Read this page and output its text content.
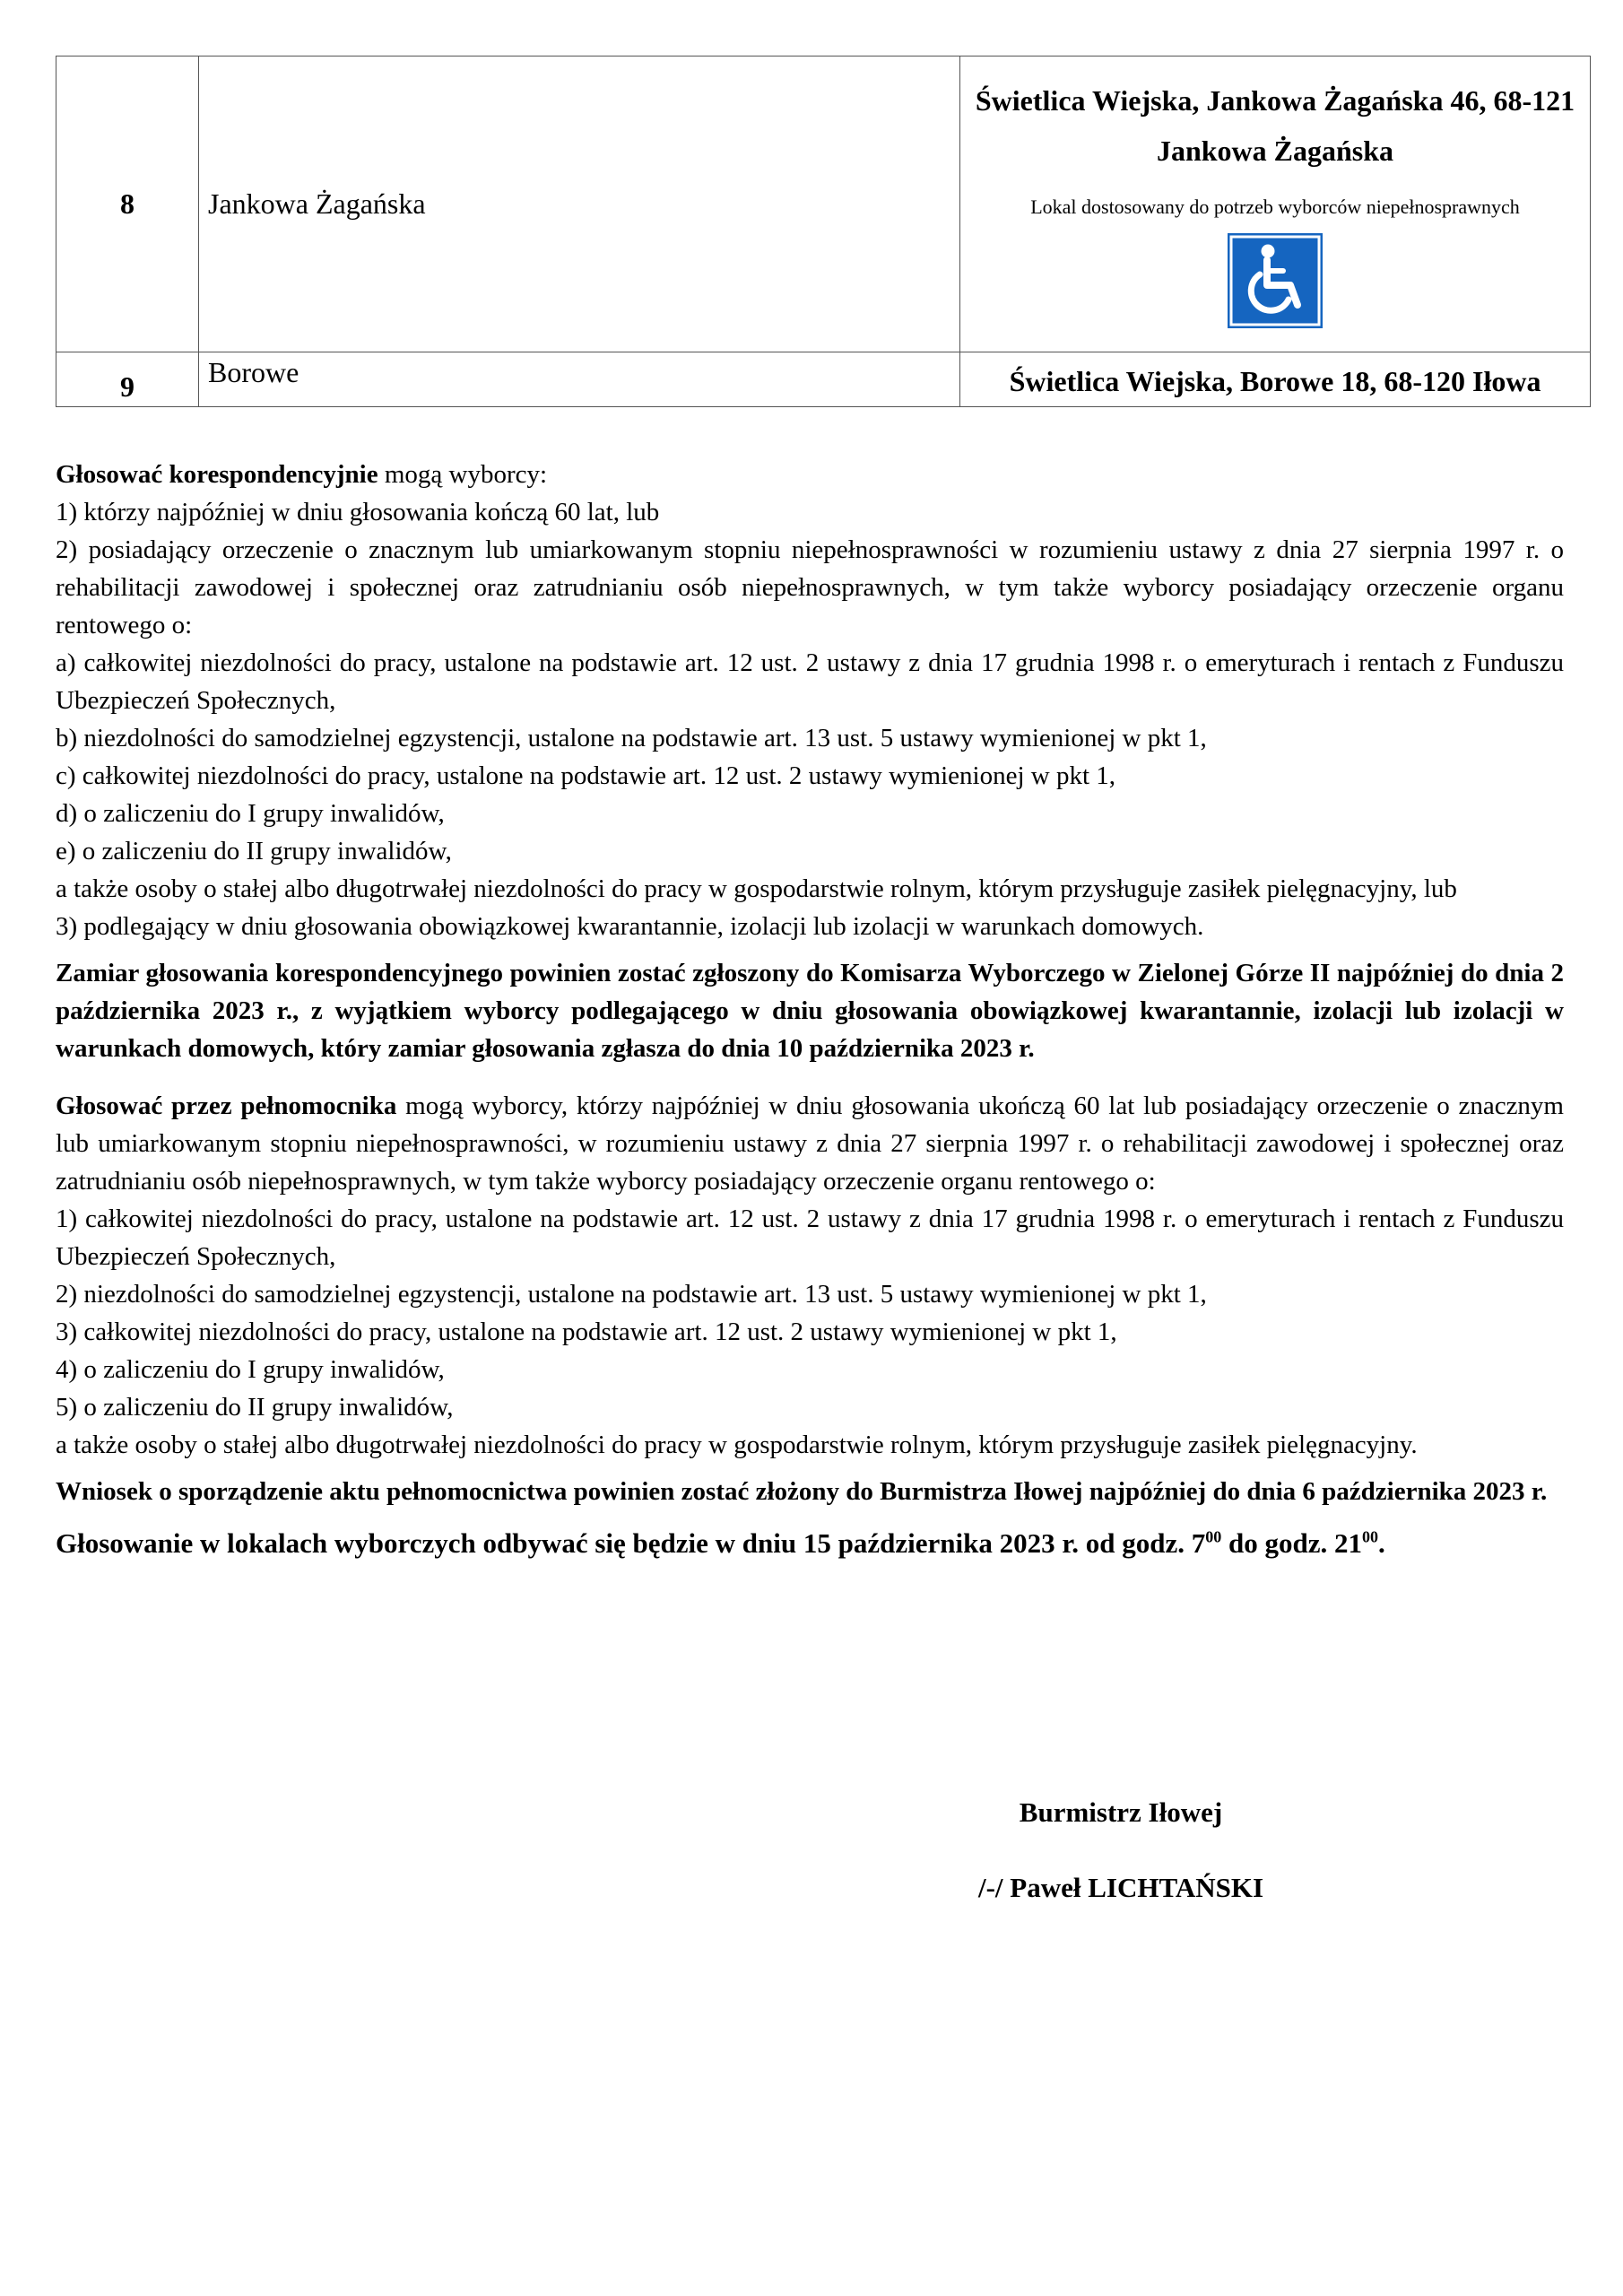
8	Jankowa Żagańska	Świetlica Wiejska, Jankowa Żagańska 46, 68-121
Jankowa Żagańska
Lokal dostosowany do potrzeb wyborców niepełnosprawnych

9	Borowe	Świetlica Wiejska, Borowe 18, 68-120 Iłowa

Głosować korespondencyjnie mogą wyborcy:

1) którzy najpóźniej w dniu głosowania kończą 60 lat, lub

2) posiadający orzeczenie o znacznym lub umiarkowanym stopniu niepełnosprawności w rozumieniu ustawy z dnia 27 sierpnia 1997 r. o rehabilitacji zawodowej i społecznej oraz zatrudnianiu osób niepełnosprawnych, w tym także wyborcy posiadający orzeczenie organu rentowego o:

a) całkowitej niezdolności do pracy, ustalone na podstawie art. 12 ust. 2 ustawy z dnia 17 grudnia 1998 r. o emeryturach i rentach z Funduszu Ubezpieczeń Społecznych,

b) niezdolności do samodzielnej egzystencji, ustalone na podstawie art. 13 ust. 5 ustawy wymienionej w pkt 1,

c) całkowitej niezdolności do pracy, ustalone na podstawie art. 12 ust. 2 ustawy wymienionej w pkt 1,

d) o zaliczeniu do I grupy inwalidów,

e) o zaliczeniu do II grupy inwalidów,

a także osoby o stałej albo długotrwałej niezdolności do pracy w gospodarstwie rolnym, którym przysługuje zasiłek pielęgnacyjny, lub

3) podlegający w dniu głosowania obowiązkowej kwarantannie, izolacji lub izolacji w warunkach domowych.

Zamiar głosowania korespondencyjnego powinien zostać zgłoszony do Komisarza Wyborczego w Zielonej Górze II najpóźniej do dnia 2 października 2023 r., z wyjątkiem wyborcy podlegającego w dniu głosowania obowiązkowej kwarantannie, izolacji lub izolacji w warunkach domowych, który zamiar głosowania zgłasza do dnia 10 października 2023 r.

Głosować przez pełnomocnika mogą wyborcy, którzy najpóźniej w dniu głosowania ukończą 60 lat lub posiadający orzeczenie o znacznym lub umiarkowanym stopniu niepełnosprawności, w rozumieniu ustawy z dnia 27 sierpnia 1997 r. o rehabilitacji zawodowej i społecznej oraz zatrudnianiu osób niepełnosprawnych, w tym także wyborcy posiadający orzeczenie organu rentowego o:

1) całkowitej niezdolności do pracy, ustalone na podstawie art. 12 ust. 2 ustawy z dnia 17 grudnia 1998 r. o emeryturach i rentach z Funduszu Ubezpieczeń Społecznych,

2) niezdolności do samodzielnej egzystencji, ustalone na podstawie art. 13 ust. 5 ustawy wymienionej w pkt 1,

3) całkowitej niezdolności do pracy, ustalone na podstawie art. 12 ust. 2 ustawy wymienionej w pkt 1,

4) o zaliczeniu do I grupy inwalidów,

5) o zaliczeniu do II grupy inwalidów,

a także osoby o stałej albo długotrwałej niezdolności do pracy w gospodarstwie rolnym, którym przysługuje zasiłek pielęgnacyjny.

Wniosek o sporządzenie aktu pełnomocnictwa powinien zostać złożony do Burmistrza Iłowej najpóźniej do dnia 6 października 2023 r.

Głosowanie w lokalach wyborczych odbywać się będzie w dniu 15 października 2023 r. od godz. $7^{00}$ do godz. $21^{00}$.

Burmistrz Iłowej
/-/ Paweł LICHTAŃSKI
